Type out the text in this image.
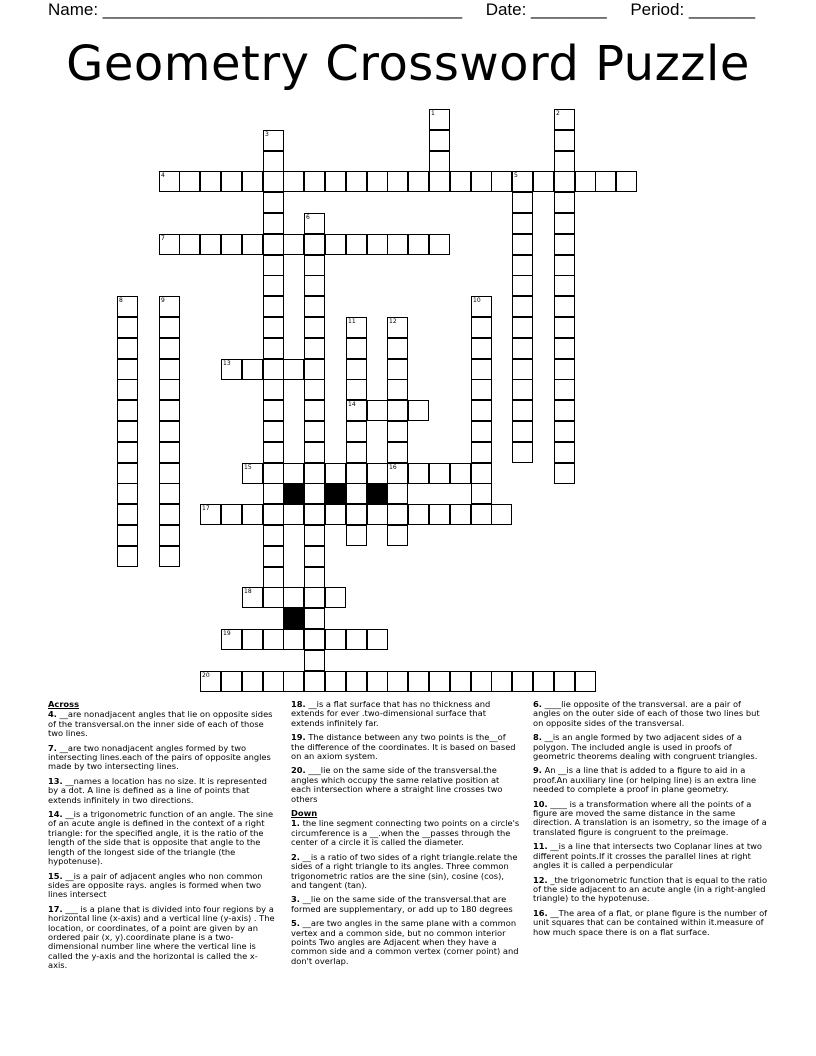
Name: ______________________________________ Date: ________ Period: _______
Geometry Crossword Puzzle
1	2
3
4	5
6
7
8	9	10
11
14
12
16
13
15
17
18
19
20
Across
4. __are nonadjacent angles that lie on opposite sides of the transversal.on the inner side of each of those two lines.
7. __are two nonadjacent angles formed by two intersecting lines.each of the pairs of opposite angles made by two intersecting lines.
13. __names a location has no size. It is represented by a dot. A line is defined as a line of points that extends infinitely in two directions.
14. __is a trigonometric function of an angle. The sine of an acute angle is defined in the context of a right triangle: for the specified angle, it is the ratio of the length of the side that is opposite that angle to the length of the longest side of the triangle (the hypotenuse).
15. __is a pair of adjacent angles who non common sides are opposite rays. angles is formed when two lines intersect
17. ___ is a plane that is divided into four regions by a horizontal line (x-axis) and a vertical line (y-axis) . The location, or coordinates, of a point are given by an ordered pair (x, y).coordinate plane is a two-dimensional number line where the vertical line is called the y-axis and the horizontal is called the x-axis.
18. __is a flat surface that has no thickness and extends for ever .two-dimensional surface that extends infinitely far.
19. The distance between any two points is the__of the difference of the coordinates. It is based on based on an axiom system.
20. ___lie on the same side of the transversal.the angles which occupy the same relative position at each intersection where a straight line crosses two others
Down
1. the line segment connecting two points on a circle's circumference is a __.when the __passes through the center of a circle it is called the diameter.
2. __is a ratio of two sides of a right triangle.relate the sides of a right triangle to its angles. Three common trigonometric ratios are the sine (sin), cosine (cos), and tangent (tan).
3. __lie on the same side of the transversal.that are formed are supplementary, or add up to 180 degrees
5. __are two angles in the same plane with a common vertex and a common side, but no common interior points Two angles are Adjacent when they have a common side and a common vertex (corner point) and don't overlap.
6. ____lie opposite of the transversal. are a pair of angles on the outer side of each of those two lines but on opposite sides of the transversal.
8. __is an angle formed by two adjacent sides of a polygon. The included angle is used in proofs of geometric theorems dealing with congruent triangles.
9. An __is a line that is added to a figure to aid in a proof.An auxiliary line (or helping line) is an extra line needed to complete a proof in plane geometry.
10. ____ is a transformation where all the points of a figure are moved the same distance in the same direction. A translation is an isometry, so the image of a translated figure is congruent to the preimage.
11. __is a line that intersects two Coplanar lines at two different points.If it crosses the parallel lines at right angles it is called a perpendicular
12. _the trigonometric function that is equal to the ratio of the side adjacent to an acute angle (in a right-angled triangle) to the hypotenuse.
16. __The area of a flat, or plane figure is the number of unit squares that can be contained within it.measure of how much space there is on a flat surface.
